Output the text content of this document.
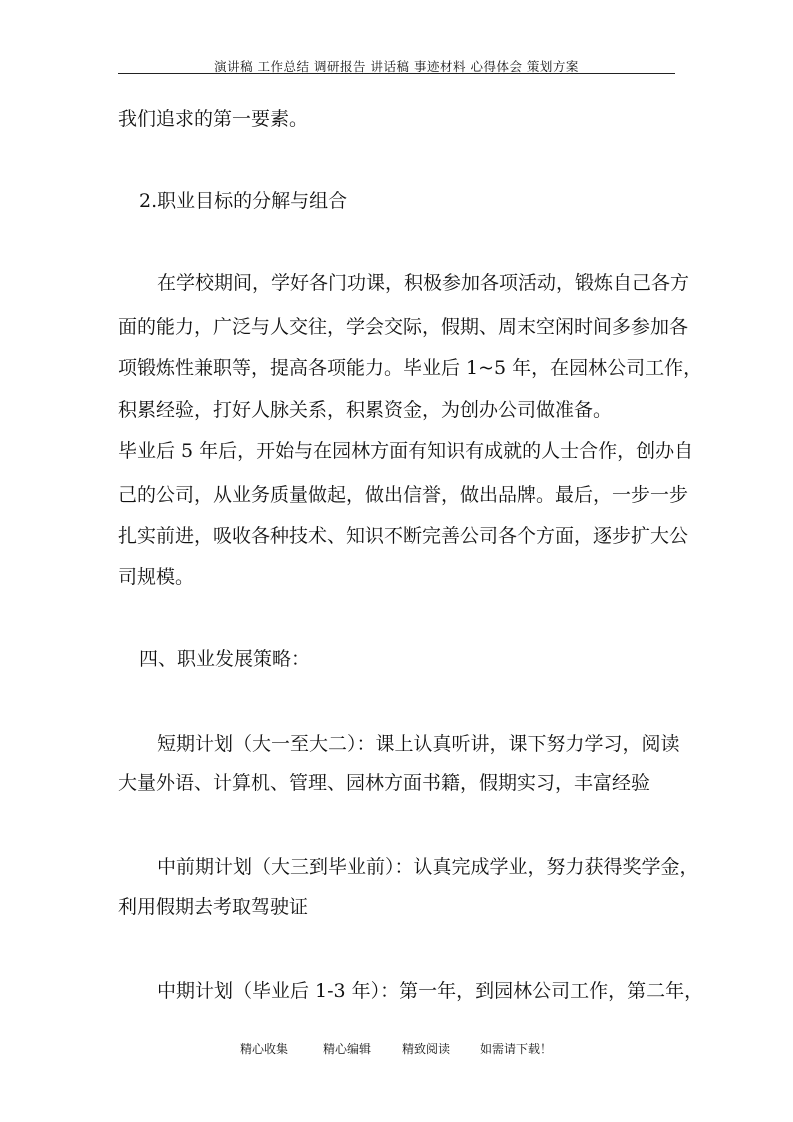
演讲稿 工作总结 调研报告 讲话稿 事迹材料 心得体会 策划方案
我们追求的第一要素。
2.职业目标的分解与组合
在学校期间，学好各门功课，积极参加各项活动，锻炼自己各方
面的能力，广泛与人交往，学会交际，假期、周末空闲时间多参加各
项锻炼性兼职等，提高各项能力。毕业后 1~5 年，在园林公司工作，
积累经验，打好人脉关系，积累资金，为创办公司做准备。
毕业后 5 年后，开始与在园林方面有知识有成就的人士合作，创办自
己的公司，从业务质量做起，做出信誉，做出品牌。最后，一步一步
扎实前进，吸收各种技术、知识不断完善公司各个方面，逐步扩大公
司规模。
四、职业发展策略：
短期计划（大一至大二）：课上认真听讲，课下努力学习，阅读
大量外语、计算机、管理、园林方面书籍，假期实习，丰富经验
中前期计划（大三到毕业前）：认真完成学业，努力获得奖学金，
利用假期去考取驾驶证
中期计划（毕业后 1-3 年）：第一年，到园林公司工作，第二年，
精心收集	精心编辑	精致阅读 如需请下载！
